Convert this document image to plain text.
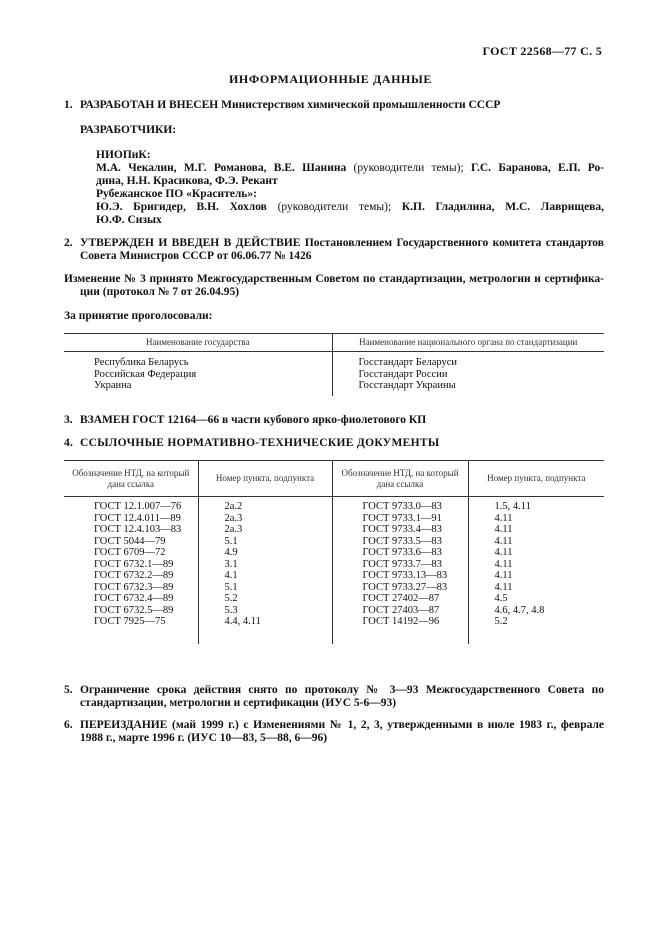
ГОСТ 22568—77 С. 5
ИНФОРМАЦИОННЫЕ ДАННЫЕ
1. РАЗРАБОТАН И ВНЕСЕН Министерством химической промышленности СССР
РАЗРАБОТЧИКИ:
НИОПиК:
М.А. Чекалин, М.Г. Романова, В.Е. Шанина (руководители темы); Г.С. Баранова, Е.П. Ро-
дина, Н.Н. Красикова, Ф.Э. Рекант
Рубежанское ПО «Краситель»:
Ю.Э. Бригидер, В.Н. Хохлов (руководители темы); К.П. Гладилина, М.С. Лаврищева,
Ю.Ф. Сизых
2. УТВЕРЖДЕН И ВВЕДЕН В ДЕЙСТВИЕ Постановлением Государственного комитета стандартов
Совета Министров СССР от 06.06.77 № 1426
Изменение № 3 принято Межгосударственным Советом по стандартизации, метрологии и сертифика-
ции (протокол № 7 от 26.04.95)
За принятие проголосовали:
Наименование государства	Наименование национального органа по стандартизации
Республика Беларусь	Госстандарт Беларуси
Российская Федерация	Госстандарт России
Украина	Госстандарт Украины
3. ВЗАМЕН ГОСТ 12164—66 в части кубового ярко-фиолетового КП
4. ССЫЛОЧНЫЕ НОРМАТИВНО-ТЕХНИЧЕСКИЕ ДОКУМЕНТЫ
Обозначение НТД, на который дана ссылка	Номер пункта, подпункта	Обозначение НТД, на который дана ссылка	Номер пункта, подпункта
ГОСТ 12.1.007—76	2а.2	ГОСТ 9733.0—83	1.5, 4.11
ГОСТ 12.4.011—89	2а.3	ГОСТ 9733.1—91	4.11
ГОСТ 12.4.103—83	2а.3	ГОСТ 9733.4—83	4.11
ГОСТ 5044—79	5.1	ГОСТ 9733.5—83	4.11
ГОСТ 6709—72	4.9	ГОСТ 9733.6—83	4.11
ГОСТ 6732.1—89	3.1	ГОСТ 9733.7—83	4.11
ГОСТ 6732.2—89	4.1	ГОСТ 9733.13—83	4.11
ГОСТ 6732.3—89	5.1	ГОСТ 9733.27—83	4.11
ГОСТ 6732.4—89	5.2	ГОСТ 27402—87	4.5
ГОСТ 6732.5—89	5.3	ГОСТ 27403—87	4.6, 4.7, 4.8
ГОСТ 7925—75	4.4, 4.11	ГОСТ 14192—96	5.2
5. Ограничение срока действия снято по протоколу № 3—93 Межгосударственного Совета по
стандартизации, метрологии и сертификации (ИУС 5-6—93)
6. ПЕРЕИЗДАНИЕ (май 1999 г.) с Изменениями № 1, 2, 3, утвержденными в июле 1983 г., феврале
1988 г., марте 1996 г. (ИУС 10—83, 5—88, 6—96)
